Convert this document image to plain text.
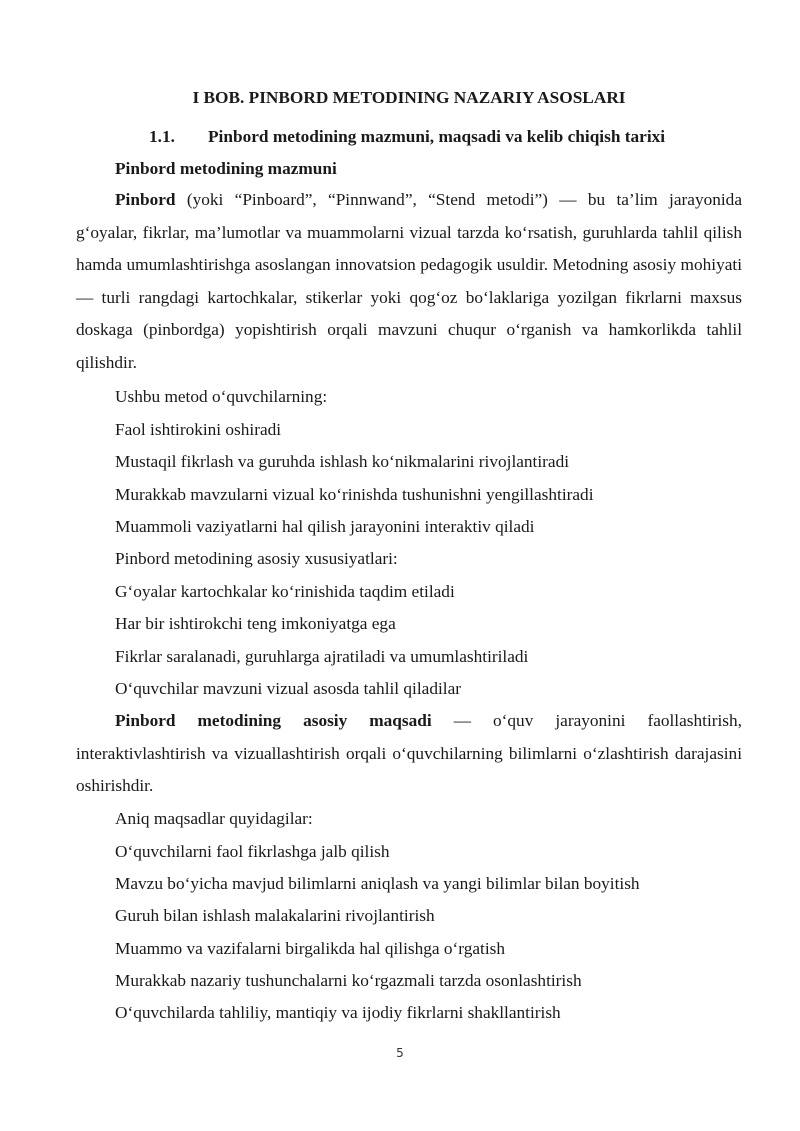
I BOB. PINBORD METODINING NAZARIY ASOSLARI
1.1. Pinbord metodining mazmuni, maqsadi va kelib chiqish tarixi
Pinbord metodining mazmuni

Pinbord (yoki “Pinboard”, “Pinnwand”, “Stend metodi”) — bu ta’lim jarayonida g‘oyalar, fikrlar, ma’lumotlar va muammolarni vizual tarzda ko‘rsatish, guruhlarda tahlil qilish hamda umumlashtirishga asoslangan innovatsion pedagogik usuldir. Metodning asosiy mohiyati — turli rangdagi kartochkalar, stikerlar yoki qog‘oz bo‘laklariga yozilgan fikrlarni maxsus doskaga (pinbordga) yopishtirish orqali mavzuni chuqur o‘rganish va hamkorlikda tahlil qilishdir.

Ushbu metod o‘quvchilarning:
Faol ishtirokini oshiradi
Mustaqil fikrlash va guruhda ishlash ko‘nikmalarini rivojlantiradi
Murakkab mavzularni vizual ko‘rinishda tushunishni yengillashtiradi
Muammoli vaziyatlarni hal qilish jarayonini interaktiv qiladi
Pinbord metodining asosiy xususiyatlari:
G‘oyalar kartochkalar ko‘rinishida taqdim etiladi
Har bir ishtirokchi teng imkoniyatga ega
Fikrlar saralanadi, guruhlarga ajratiladi va umumlashtiriladi
O‘quvchilar mavzuni vizual asosda tahlil qiladilar

Pinbord metodining asosiy maqsadi — o‘quv jarayonini faollashtirish, interaktivlashtirish va vizuallashtirish orqali o‘quvchilarning bilimlarni o‘zlashtirish darajasini oshirishdir.

Aniq maqsadlar quyidagilar:
O‘quvchilarni faol fikrlashga jalb qilish
Mavzu bo‘yicha mavjud bilimlarni aniqlash va yangi bilimlar bilan boyitish
Guruh bilan ishlash malakalarini rivojlantirish
Muammo va vazifalarni birgalikda hal qilishga o‘rgatish
Murakkab nazariy tushunchalarni ko‘rgazmali tarzda osonlashtirish
O‘quvchilarda tahliliy, mantiqiy va ijodiy fikrlarni shakllantirish
5
